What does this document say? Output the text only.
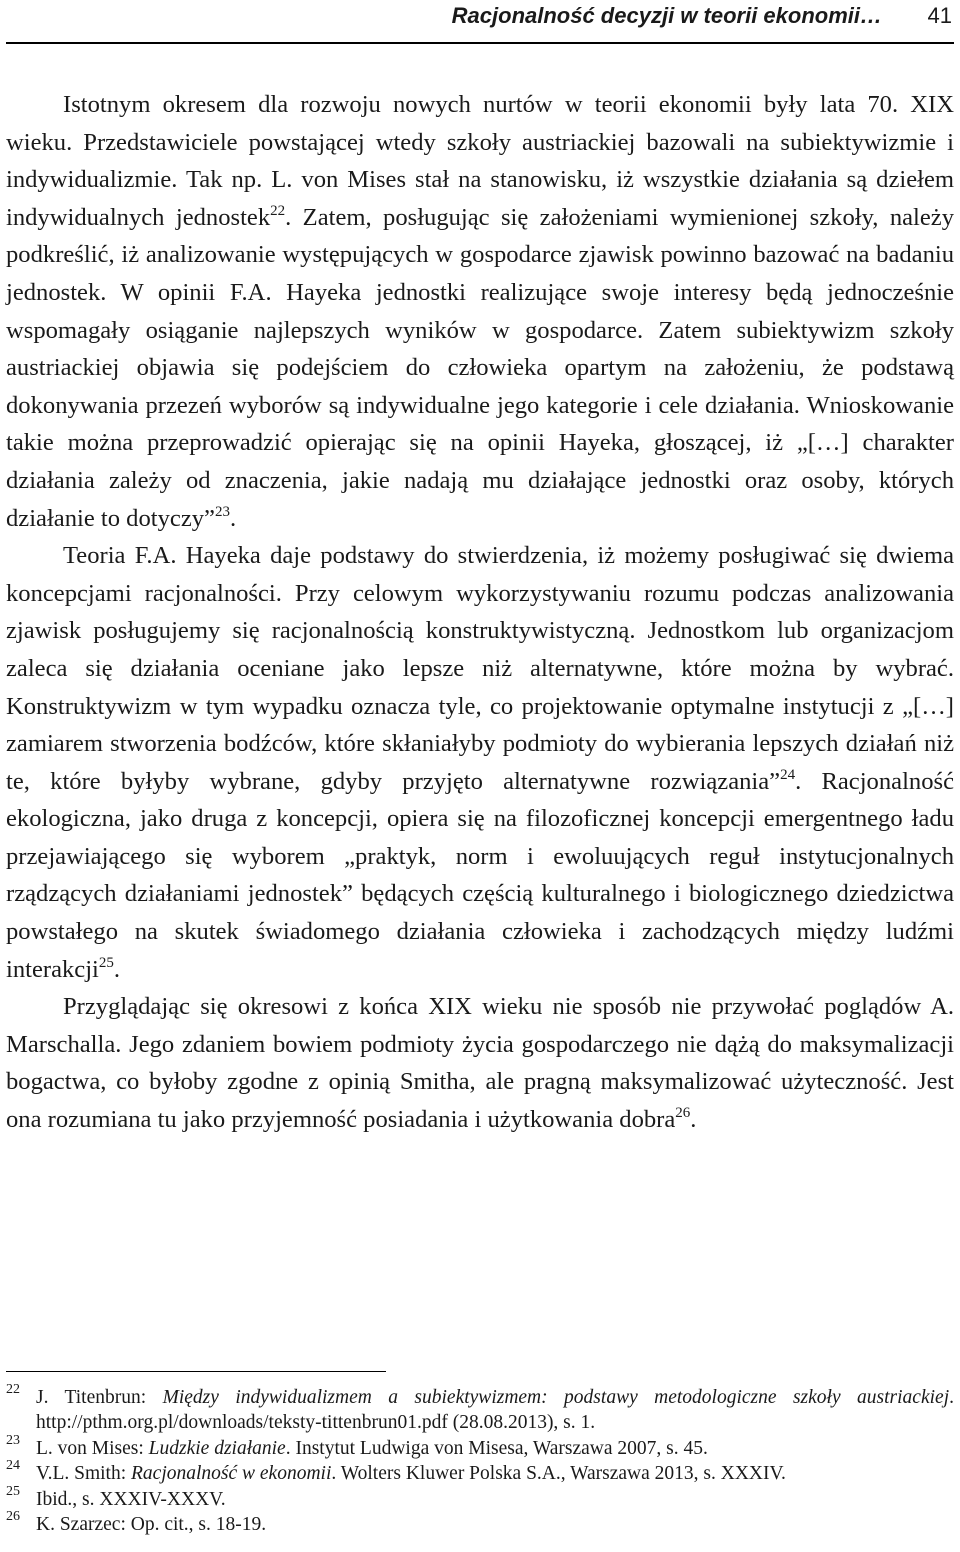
Racjonalność decyzji w teorii ekonomii… 41

Istotnym okresem dla rozwoju nowych nurtów w teorii ekonomii były lata 70. XIX wieku. Przedstawiciele powstającej wtedy szkoły austriackiej bazowali na subiektywizmie i indywidualizmie. Tak np. L. von Mises stał na stanowisku, iż wszystkie działania są dziełem indywidualnych jednostek$^{22}$. Zatem, posługując się założeniami wymienionej szkoły, należy podkreślić, iż analizowanie występujących w gospodarce zjawisk powinno bazować na badaniu jednostek. W opinii F.A. Hayeka jednostki realizujące swoje interesy będą jednocześnie wspomagały osiąganie najlepszych wyników w gospodarce. Zatem subiektywizm szkoły austriackiej objawia się podejściem do człowieka opartym na założeniu, że podstawą dokonywania przezeń wyborów są indywidualne jego kategorie i cele działania. Wnioskowanie takie można przeprowadzić opierając się na opinii Hayeka, głoszącej, iż „[…] charakter działania zależy od znaczenia, jakie nadają mu działające jednostki oraz osoby, których działanie to dotyczy”$^{23}$.

Teoria F.A. Hayeka daje podstawy do stwierdzenia, iż możemy posługiwać się dwiema koncepcjami racjonalności. Przy celowym wykorzystywaniu rozumu podczas analizowania zjawisk posługujemy się racjonalnością konstruktywistyczną. Jednostkom lub organizacjom zaleca się działania oceniane jako lepsze niż alternatywne, które można by wybrać. Konstruktywizm w tym wypadku oznacza tyle, co projektowanie optymalne instytucji z „[…] zamiarem stworzenia bodźców, które skłaniałyby podmioty do wybierania lepszych działań niż te, które byłyby wybrane, gdyby przyjęto alternatywne rozwiązania”$^{24}$. Racjonalność ekologiczna, jako druga z koncepcji, opiera się na filozoficznej koncepcji emergentnego ładu przejawiającego się wyborem „praktyk, norm i ewoluujących reguł instytucjonalnych rządzących działaniami jednostek” będących częścią kulturalnego i biologicznego dziedzictwa powstałego na skutek świadomego działania człowieka i zachodzących między ludźmi interakcji$^{25}$.

Przyglądając się okresowi z końca XIX wieku nie sposób nie przywołać poglądów A. Marschalla. Jego zdaniem bowiem podmioty życia gospodarczego nie dążą do maksymalizacji bogactwa, co byłoby zgodne z opinią Smitha, ale pragną maksymalizować użyteczność. Jest ona rozumiana tu jako przyjemność posiadania i użytkowania dobra$^{26}$.

22 J. Titenbrun: Między indywidualizmem a subiektywizmem: podstawy metodologiczne szkoły austriackiej. http://pthm.org.pl/downloads/teksty-tittenbrun01.pdf (28.08.2013), s. 1.
23 L. von Mises: Ludzkie działanie. Instytut Ludwiga von Misesa, Warszawa 2007, s. 45.
24 V.L. Smith: Racjonalność w ekonomii. Wolters Kluwer Polska S.A., Warszawa 2013, s. XXXIV.
25 Ibid., s. XXXIV-XXXV.
26 K. Szarzec: Op. cit., s. 18-19.
